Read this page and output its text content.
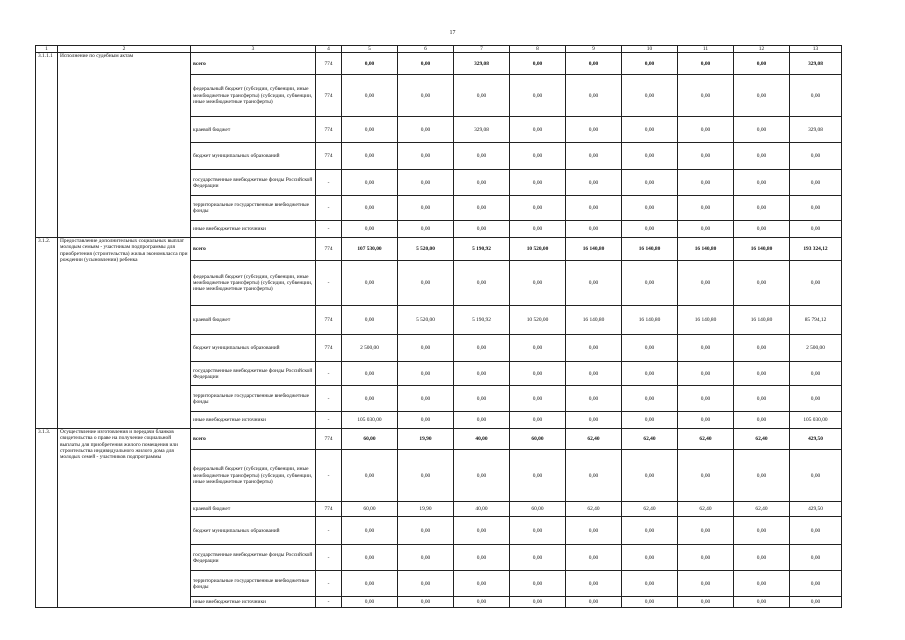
17
1	2	3	4	5	6	7	8	9	10	11	12	13
3.1.1.1	Исполнение по судебным актам	всего	774	0,00	0,00	329,08	0,00	0,00	0,00	0,00	0,00	329,08
		федеральный бюджет (субсидии, субвенции, иные межбюджетные трансферты) (субсидии, субвенции, иные межбюджетные трансферты)	774	0,00	0,00	0,00	0,00	0,00	0,00	0,00	0,00	0,00
		краевой бюджет	774	0,00	0,00	329,08	0,00	0,00	0,00	0,00	0,00	329,08
		бюджет муниципальных образований	774	0,00	0,00	0,00	0,00	0,00	0,00	0,00	0,00	0,00
		государственные внебюджетные фонды Российской Федерации	-	0,00	0,00	0,00	0,00	0,00	0,00	0,00	0,00	0,00
		территориальные государственные внебюджетные фонды	-	0,00	0,00	0,00	0,00	0,00	0,00	0,00	0,00	0,00
		иные внебюджетные источники	-	0,00	0,00	0,00	0,00	0,00	0,00	0,00	0,00	0,00
3.1.2.	Предоставление дополнительных социальных выплат молодым семьям - участникам подпрограммы для приобретения (строительства) жилья экономкласса при рождении (усыновлении) ребенка	всего	774	107 530,00	5 520,00	5 190,92	10 520,00	16 140,80	16 140,80	16 140,80	16 140,80	193 324,12
		федеральный бюджет (субсидии, субвенции, иные межбюджетные трансферты) (субсидии, субвенции, иные межбюджетные трансферты)	-	0,00	0,00	0,00	0,00	0,00	0,00	0,00	0,00	0,00
		краевой бюджет	774	0,00	5 520,00	5 190,92	10 520,00	16 140,80	16 140,80	16 140,80	16 140,80	85 794,12
		бюджет муниципальных образований	774	2 500,00	0,00	0,00	0,00	0,00	0,00	0,00	0,00	2 500,00
		государственные внебюджетные фонды Российской Федерации	-	0,00	0,00	0,00	0,00	0,00	0,00	0,00	0,00	0,00
		территориальные государственные внебюджетные фонды	-	0,00	0,00	0,00	0,00	0,00	0,00	0,00	0,00	0,00
		иные внебюджетные источники	-	105 030,00	0,00	0,00	0,00	0,00	0,00	0,00	0,00	105 030,00
3.1.3.	Осуществление изготовления и передачи бланков свидетельства о праве на получение социальной выплаты для приобретения жилого помещения или строительства индивидуального жилого дома для молодых семей - участников подпрограммы	всего	774	60,00	19,90	40,00	60,00	62,40	62,40	62,40	62,40	429,50
		федеральный бюджет (субсидии, субвенции, иные межбюджетные трансферты) (субсидии, субвенции, иные межбюджетные трансферты)	-	0,00	0,00	0,00	0,00	0,00	0,00	0,00	0,00	0,00
		краевой бюджет	774	60,00	19,90	40,00	60,00	62,40	62,40	62,40	62,40	429,50
		бюджет муниципальных образований	-	0,00	0,00	0,00	0,00	0,00	0,00	0,00	0,00	0,00
		государственные внебюджетные фонды Российской Федерации	-	0,00	0,00	0,00	0,00	0,00	0,00	0,00	0,00	0,00
		территориальные государственные внебюджетные фонды	-	0,00	0,00	0,00	0,00	0,00	0,00	0,00	0,00	0,00
		иные внебюджетные источники	-	0,00	0,00	0,00	0,00	0,00	0,00	0,00	0,00	0,00
